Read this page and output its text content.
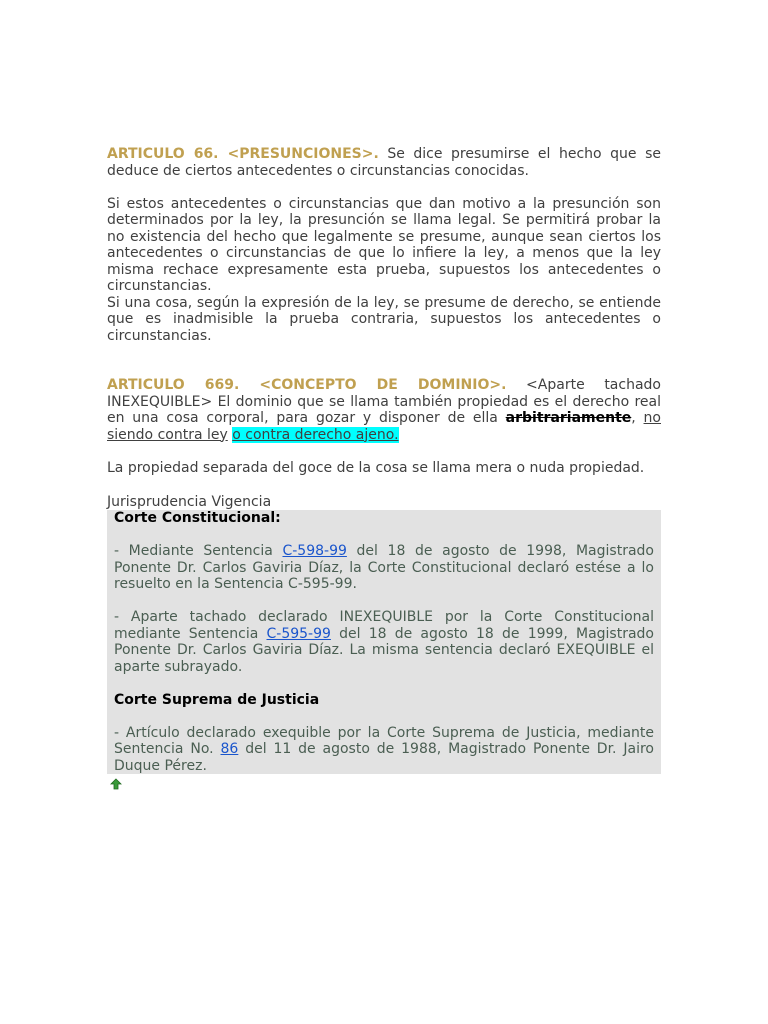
ARTICULO 66. <PRESUNCIONES>. Se dice presumirse el hecho que se deduce de ciertos antecedentes o circunstancias conocidas.

Si estos antecedentes o circunstancias que dan motivo a la presunción son determinados por la ley, la presunción se llama legal. Se permitirá probar la no existencia del hecho que legalmente se presume, aunque sean ciertos los antecedentes o circunstancias de que lo infiere la ley, a menos que la ley misma rechace expresamente esta prueba, supuestos los antecedentes o circunstancias.

Si una cosa, según la expresión de la ley, se presume de derecho, se entiende que es inadmisible la prueba contraria, supuestos los antecedentes o circunstancias.

ARTICULO 669. <CONCEPTO DE DOMINIO>. <Aparte tachado INEXEQUIBLE> El dominio que se llama también propiedad es el derecho real en una cosa corporal, para gozar y disponer de ella arbitrariamente, no siendo contra ley o contra derecho ajeno.

La propiedad separada del goce de la cosa se llama mera o nuda propiedad.

Jurisprudencia Vigencia

Corte Constitucional:

- Mediante Sentencia C-598-99 del 18 de agosto de 1998, Magistrado Ponente Dr. Carlos Gaviria Díaz, la Corte Constitucional declaró estése a lo resuelto en la Sentencia C-595-99.

- Aparte tachado declarado INEXEQUIBLE por la Corte Constitucional mediante Sentencia C-595-99 del 18 de agosto 18 de 1999, Magistrado Ponente Dr. Carlos Gaviria Díaz. La misma sentencia declaró EXEQUIBLE el aparte subrayado.

Corte Suprema de Justicia

- Artículo declarado exequible por la Corte Suprema de Justicia, mediante Sentencia No. 86 del 11 de agosto de 1988, Magistrado Ponente Dr. Jairo Duque Pérez.
